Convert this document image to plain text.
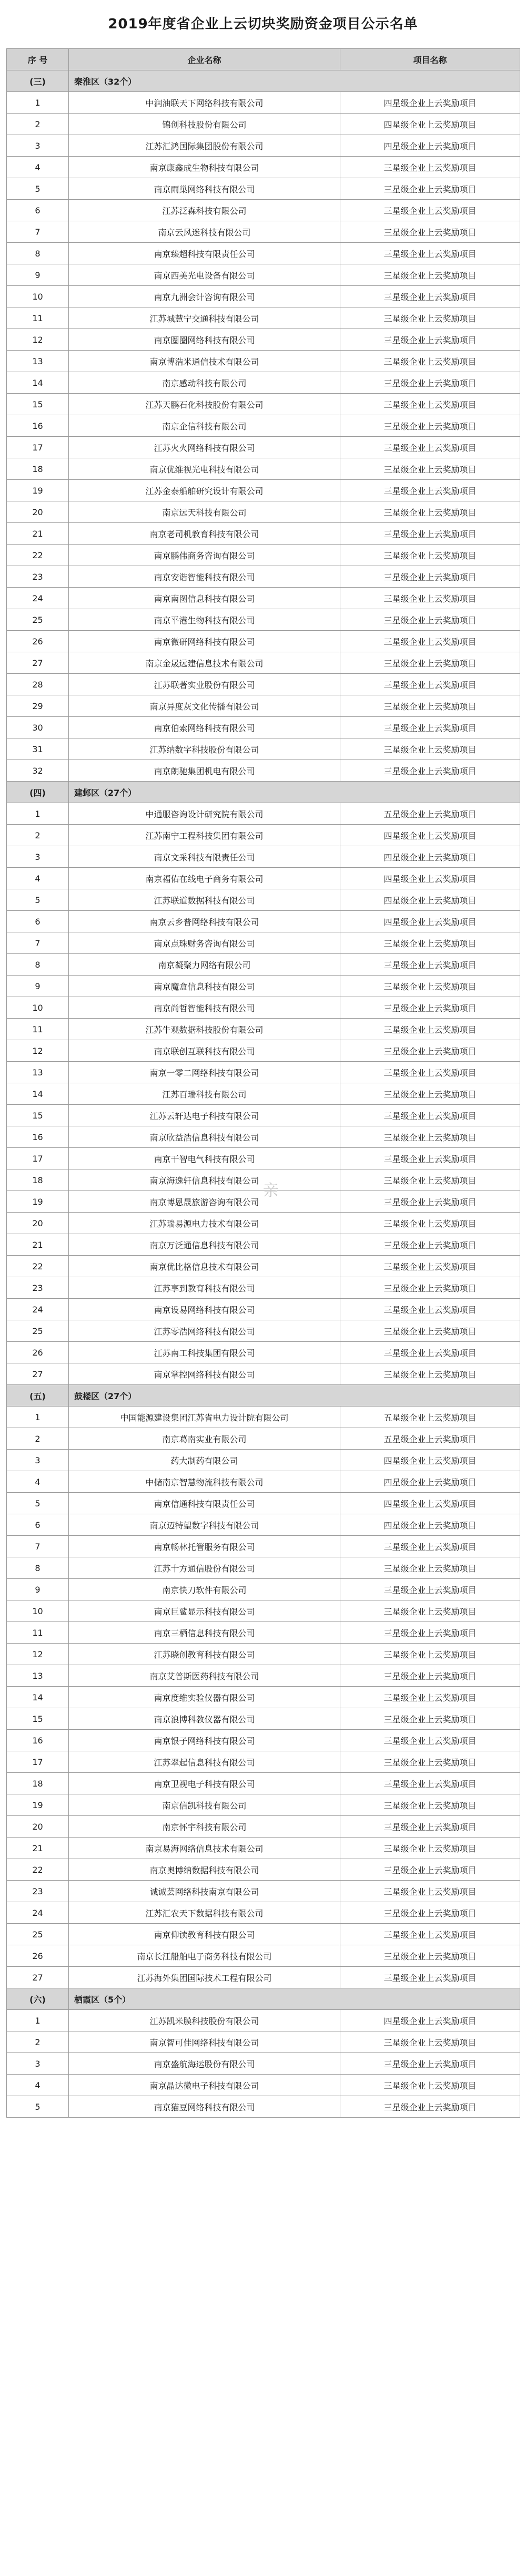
2019年度省企业上云切块奖励资金项目公示名单
序 号	企业名称	项目名称
(三)	秦淮区（32个）	
1	中润油联天下网络科技有限公司	四星级企业上云奖励项目
2	锦创科技股份有限公司	四星级企业上云奖励项目
3	江苏汇鸿国际集团股份有限公司	四星级企业上云奖励项目
4	南京康鑫成生物科技有限公司	三星级企业上云奖励项目
5	南京雨巢网络科技有限公司	三星级企业上云奖励项目
6	江苏泛森科技有限公司	三星级企业上云奖励项目
7	南京云风迷科技有限公司	三星级企业上云奖励项目
8	南京臻超科技有限责任公司	三星级企业上云奖励项目
9	南京西美光电设备有限公司	三星级企业上云奖励项目
10	南京九洲会计咨询有限公司	三星级企业上云奖励项目
11	江苏城慧宁交通科技有限公司	三星级企业上云奖励项目
12	南京圈圈网络科技有限公司	三星级企业上云奖励项目
13	南京博浩米通信技术有限公司	三星级企业上云奖励项目
14	南京感动科技有限公司	三星级企业上云奖励项目
15	江苏天鹏石化科技股份有限公司	三星级企业上云奖励项目
16	南京企信科技有限公司	三星级企业上云奖励项目
17	江苏火火网络科技有限公司	三星级企业上云奖励项目
18	南京优维视光电科技有限公司	三星级企业上云奖励项目
19	江苏金泰船舶研究设计有限公司	三星级企业上云奖励项目
20	南京远天科技有限公司	三星级企业上云奖励项目
21	南京老司机教育科技有限公司	三星级企业上云奖励项目
22	南京鹏伟商务咨询有限公司	三星级企业上云奖励项目
23	南京安谐智能科技有限公司	三星级企业上云奖励项目
24	南京南图信息科技有限公司	三星级企业上云奖励项目
25	南京平港生物科技有限公司	三星级企业上云奖励项目
26	南京微研网络科技有限公司	三星级企业上云奖励项目
27	南京金晟远建信息技术有限公司	三星级企业上云奖励项目
28	江苏联著实业股份有限公司	三星级企业上云奖励项目
29	南京异度灰文化传播有限公司	三星级企业上云奖励项目
30	南京伯索网络科技有限公司	三星级企业上云奖励项目
31	江苏纳数字科技股份有限公司	三星级企业上云奖励项目
32	南京朗驰集团机电有限公司	三星级企业上云奖励项目
(四)	建邺区（27个）	
1	中通服咨询设计研究院有限公司	五星级企业上云奖励项目
2	江苏南宁工程科技集团有限公司	四星级企业上云奖励项目
3	南京文采科技有限责任公司	四星级企业上云奖励项目
4	南京福佑在线电子商务有限公司	四星级企业上云奖励项目
5	江苏联道数据科技有限公司	四星级企业上云奖励项目
6	南京云乡普网络科技有限公司	四星级企业上云奖励项目
7	南京点珠财务咨询有限公司	三星级企业上云奖励项目
8	南京凝聚力网络有限公司	三星级企业上云奖励项目
9	南京魔盒信息科技有限公司	三星级企业上云奖励项目
10	南京尚哲智能科技有限公司	三星级企业上云奖励项目
11	江苏牛观数据科技股份有限公司	三星级企业上云奖励项目
12	南京联创互联科技有限公司	三星级企业上云奖励项目
13	南京一零二网络科技有限公司	三星级企业上云奖励项目
14	江苏百瑞科技有限公司	三星级企业上云奖励项目
15	江苏云轩达电子科技有限公司	三星级企业上云奖励项目
16	南京欣益浩信息科技有限公司	三星级企业上云奖励项目
17	南京干智电气科技有限公司	三星级企业上云奖励项目
18	南京海逸轩信息科技有限公司	三星级企业上云奖励项目
19	南京博恩晟旅游咨询有限公司	三星级企业上云奖励项目
20	江苏瑞易源电力技术有限公司	三星级企业上云奖励项目
21	南京万泛通信息科技有限公司	三星级企业上云奖励项目
22	南京优比格信息技术有限公司	三星级企业上云奖励项目
23	江苏享到教育科技有限公司	三星级企业上云奖励项目
24	南京设易网络科技有限公司	三星级企业上云奖励项目
25	江苏零浩网络科技有限公司	三星级企业上云奖励项目
26	江苏南工科技集团有限公司	三星级企业上云奖励项目
27	南京掌控网络科技有限公司	三星级企业上云奖励项目
(五)	鼓楼区（27个）	
1	中国能源建设集团江苏省电力设计院有限公司	五星级企业上云奖励项目
2	南京葛南实业有限公司	五星级企业上云奖励项目
3	药大制药有限公司	四星级企业上云奖励项目
4	中储南京智慧物流科技有限公司	四星级企业上云奖励项目
5	南京信通科技有限责任公司	四星级企业上云奖励项目
6	南京迈特望数字科技有限公司	四星级企业上云奖励项目
7	南京畅林托管服务有限公司	三星级企业上云奖励项目
8	江苏十方通信股份有限公司	三星级企业上云奖励项目
9	南京快刀软件有限公司	三星级企业上云奖励项目
10	南京巨鲨显示科技有限公司	三星级企业上云奖励项目
11	南京三栖信息科技有限公司	三星级企业上云奖励项目
12	江苏晓创教育科技有限公司	三星级企业上云奖励项目
13	南京艾普斯医药科技有限公司	三星级企业上云奖励项目
14	南京度维实验仪器有限公司	三星级企业上云奖励项目
15	南京浪博科教仪器有限公司	三星级企业上云奖励项目
16	南京银子网络科技有限公司	三星级企业上云奖励项目
17	江苏翠起信息科技有限公司	三星级企业上云奖励项目
18	南京卫视电子科技有限公司	三星级企业上云奖励项目
19	南京信凯科技有限公司	三星级企业上云奖励项目
20	南京怀宇科技有限公司	三星级企业上云奖励项目
21	南京易海网络信息技术有限公司	三星级企业上云奖励项目
22	南京奥博纳数据科技有限公司	三星级企业上云奖励项目
23	诚诚芸网络科技南京有限公司	三星级企业上云奖励项目
24	江苏汇农天下数据科技有限公司	三星级企业上云奖励项目
25	南京仰读教育科技有限公司	三星级企业上云奖励项目
26	南京长江船舶电子商务科技有限公司	三星级企业上云奖励项目
27	江苏海外集团国际技术工程有限公司	三星级企业上云奖励项目
(六)	栖霞区（5个）	
1	江苏凯米膜科技股份有限公司	四星级企业上云奖励项目
2	南京智可佳网络科技有限公司	三星级企业上云奖励项目
3	南京盛航海运股份有限公司	三星级企业上云奖励项目
4	南京晶达微电子科技有限公司	三星级企业上云奖励项目
5	南京猫豆网络科技有限公司	三星级企业上云奖励项目
亲
